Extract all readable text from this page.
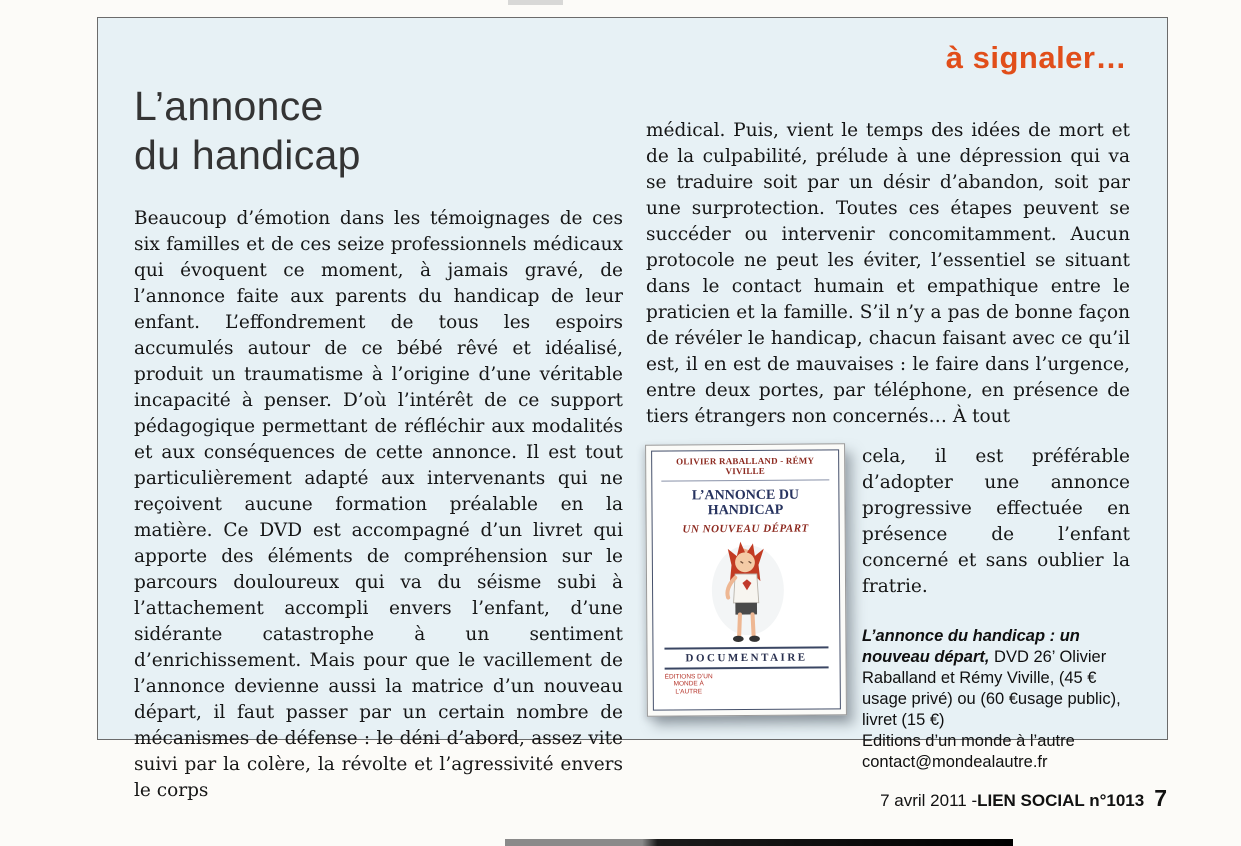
à signaler…
L’annonce
du handicap

Beaucoup d’émotion dans les témoignages de ces six familles et de ces seize professionnels médicaux qui évoquent ce moment, à jamais gravé, de l’annonce faite aux parents du handicap de leur enfant. L’effondrement de tous les espoirs accumulés autour de ce bébé rêvé et idéalisé, produit un traumatisme à l’origine d’une véritable incapacité à penser. D’où l’intérêt de ce support pédagogique permettant de réfléchir aux modalités et aux conséquences de cette annonce. Il est tout particulièrement adapté aux intervenants qui ne reçoivent aucune formation préalable en la matière. Ce DVD est accompagné d’un livret qui apporte des éléments de compréhension sur le parcours douloureux qui va du séisme subi à l’attachement accompli envers l’enfant, d’une sidérante catastrophe à un sentiment d’enrichissement. Mais pour que le vacillement de l’annonce devienne aussi la matrice d’un nouveau départ, il faut passer par un certain nombre de mécanismes de défense : le déni d’abord, assez vite suivi par la colère, la révolte et l’agressivité envers le corps

médical. Puis, vient le temps des idées de mort et de la culpabilité, prélude à une dépression qui va se traduire soit par un désir d’abandon, soit par une surprotection. Toutes ces étapes peuvent se succéder ou intervenir concomitamment. Aucun protocole ne peut les éviter, l’essentiel se situant dans le contact humain et empathique entre le praticien et la famille. S’il n’y a pas de bonne façon de révéler le handicap, chacun faisant avec ce qu’il est, il en est de mauvaises : le faire dans l’urgence, entre deux portes, par téléphone, en présence de tiers étrangers non concernés… À tout

OLIVIER RABALLAND - RÉMY VIVILLE
L’ANNONCE DU HANDICAP
UN NOUVEAU DÉPART
DOCUMENTAIRE
ÉDITIONS D’UN MONDE À L’AUTRE

cela, il est préférable d’adopter une annonce progressive effectuée en présence de l’enfant concerné et sans oublier la fratrie.

L’annonce du handicap : un nouveau départ, DVD 26’ Olivier Raballand et Rémy Viville, (45 € usage privé) ou (60 €usage public), livret (15 €)

Editions d’un monde à l’autre
contact@mondealautre.fr
7 avril 2011 - LIEN SOCIAL n°1013 7
